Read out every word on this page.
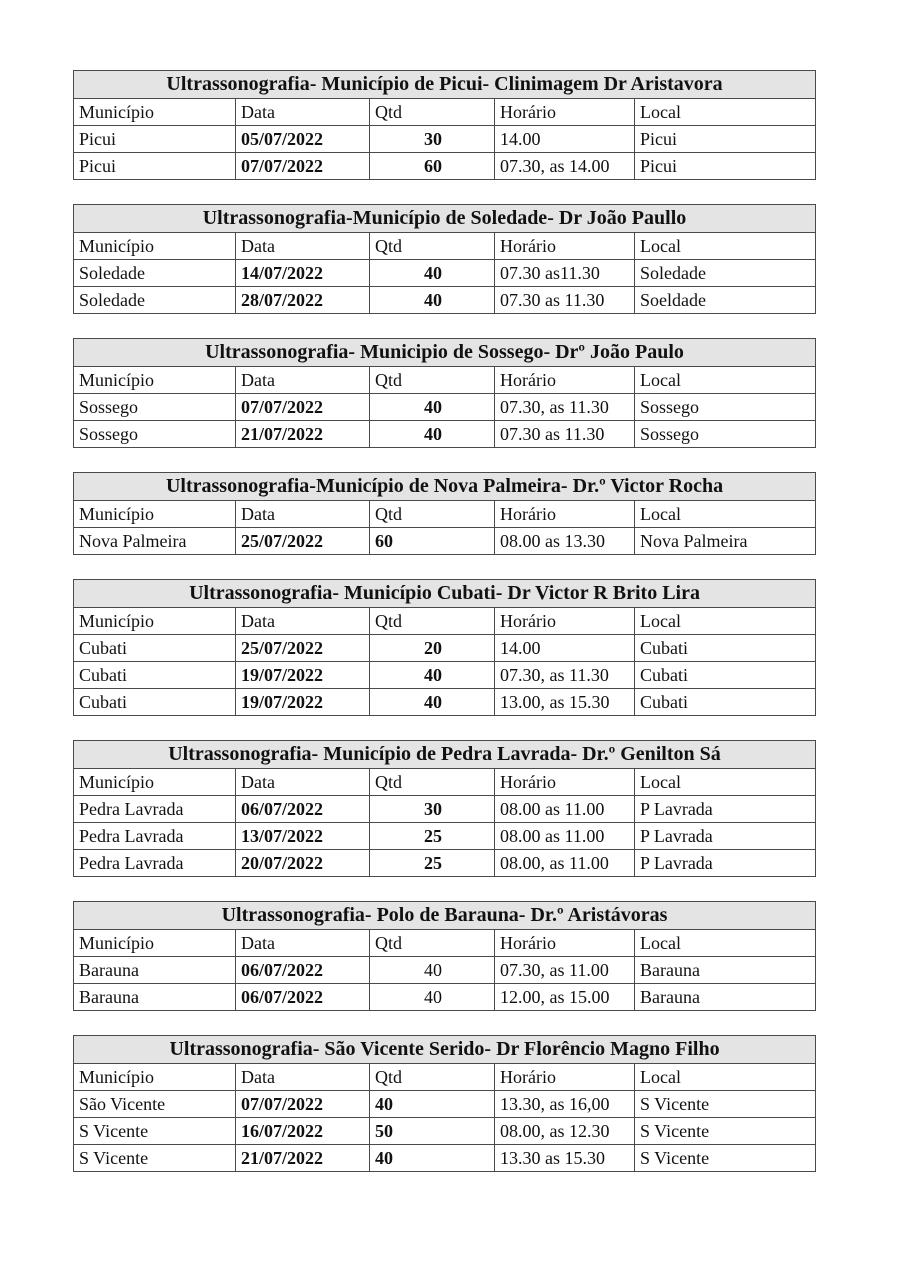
Ultrassonografia- Município de Picui- Clinimagem Dr Aristavora				
Município	Data	Qtd	Horário	Local
Picui	05/07/2022	30	14.00	Picui
Picui	07/07/2022	60	07.30, as 14.00	Picui
Ultrassonografia-Município de Soledade- Dr João Paullo				
Município	Data	Qtd	Horário	Local
Soledade	14/07/2022	40	07.30 as11.30	Soledade
Soledade	28/07/2022	40	07.30 as 11.30	Soeldade
Ultrassonografia- Municipio de Sossego- Drº João Paulo				
Município	Data	Qtd	Horário	Local
Sossego	07/07/2022	40	07.30, as 11.30	Sossego
Sossego	21/07/2022	40	07.30 as 11.30	Sossego
Ultrassonografia-Município de Nova Palmeira- Dr.º Victor Rocha				
Município	Data	Qtd	Horário	Local
Nova Palmeira	25/07/2022	60	08.00 as 13.30	Nova Palmeira
Ultrassonografia- Município Cubati- Dr Victor R Brito Lira				
Município	Data	Qtd	Horário	Local
Cubati	25/07/2022	20	14.00	Cubati
Cubati	19/07/2022	40	07.30, as 11.30	Cubati
Cubati	19/07/2022	40	13.00, as 15.30	Cubati
Ultrassonografia- Município de Pedra Lavrada- Dr.º Genilton Sá				
Município	Data	Qtd	Horário	Local
Pedra Lavrada	06/07/2022	30	08.00 as 11.00	P Lavrada
Pedra Lavrada	13/07/2022	25	08.00 as 11.00	P Lavrada
Pedra Lavrada	20/07/2022	25	08.00, as 11.00	P Lavrada
Ultrassonografia- Polo de Barauna- Dr.º Aristávoras				
Município	Data	Qtd	Horário	Local
Barauna	06/07/2022	40	07.30, as 11.00	Barauna
Barauna	06/07/2022	40	12.00, as 15.00	Barauna
Ultrassonografia- São Vicente Serido- Dr Florêncio Magno Filho				
Município	Data	Qtd	Horário	Local
São Vicente	07/07/2022	40	13.30, as 16,00	S Vicente
S Vicente	16/07/2022	50	08.00, as 12.30	S Vicente
S Vicente	21/07/2022	40	13.30 as 15.30	S Vicente
